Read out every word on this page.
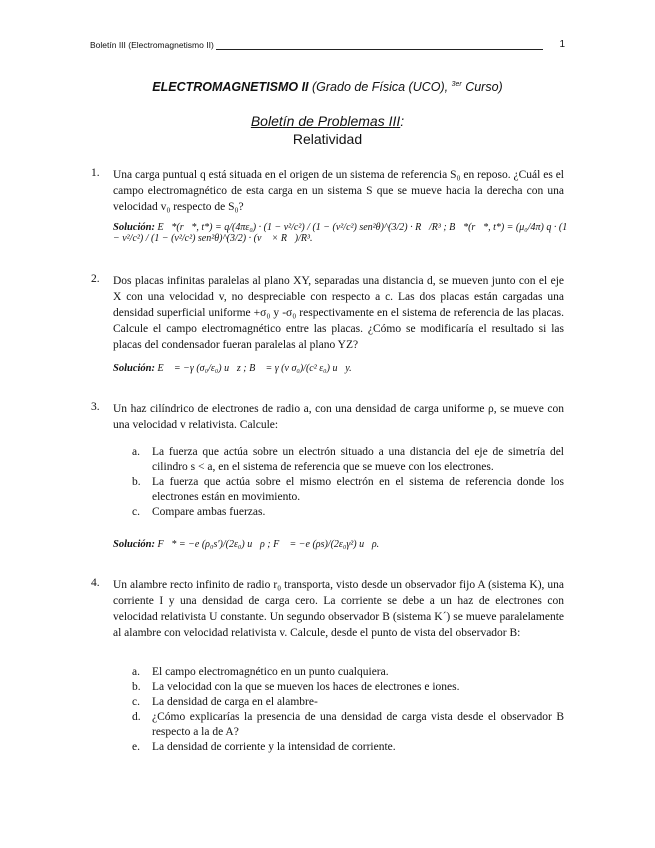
Boletín III (Electromagnetismo II)	1
ELECTROMAGNETISMO II (Grado de Física (UCO), $^{3er}$ Curso)
Boletín de Problemas III:
Relatividad
1. Una carga puntual q está situada en el origen de un sistema de referencia S₀ en reposo. ¿Cuál es el campo electromagnético de esta carga en un sistema S que se mueve hacia la derecha con una velocidad v₀ respecto de S₀?
Solución: E⃗*(r⃗*, t*) = q/(4πε₀) · (1 − v²/c²) / (1 − (v²/c²) sen²θ)^(3/2) · R⃗/R³ ; B⃗*(r⃗*, t*) = (μ₀/4π) q · (1 − v²/c²) / (1 − (v²/c²) sen²θ)^(3/2) · (v⃗ × R⃗)/R³.
2. Dos placas infinitas paralelas al plano XY, separadas una distancia d, se mueven junto con el eje X con una velocidad v, no despreciable con respecto a c. Las dos placas están cargadas una densidad superficial uniforme +σ₀ y -σ₀ respectivamente en el sistema de referencia de las placas. Calcule el campo electromagnético entre las placas. ¿Cómo se modificaría el resultado si las placas del condensador fueran paralelas al plano YZ?
Solución: E⃗ = −γ (σ₀/ε₀) u⃗z ; B⃗ = γ (v σ₀)/(c² ε₀) u⃗y.
3. Un haz cilíndrico de electrones de radio a, con una densidad de carga uniforme ρ, se mueve con una velocidad v relativista. Calcule:
a. La fuerza que actúa sobre un electrón situado a una distancia del eje de simetría del cilindro s < a, en el sistema de referencia que se mueve con los electrones.
b. La fuerza que actúa sobre el mismo electrón en el sistema de referencia donde los electrones están en movimiento.
c. Compare ambas fuerzas.
Solución: F⃗* = −e (ρ₀s′)/(2ε₀) u⃗ρ ; F⃗ = −e (ρs)/(2ε₀γ²) u⃗ρ.
4. Un alambre recto infinito de radio r₀ transporta, visto desde un observador fijo A (sistema K), una corriente I y una densidad de carga cero. La corriente se debe a un haz de electrones con velocidad relativista U constante. Un segundo observador B (sistema K´) se mueve paralelamente al alambre con velocidad relativista v. Calcule, desde el punto de vista del observador B:
a. El campo electromagnético en un punto cualquiera.
b. La velocidad con la que se mueven los haces de electrones e iones.
c. La densidad de carga en el alambre-
d. ¿Cómo explicarías la presencia de una densidad de carga vista desde el observador B respecto a la de A?
e. La densidad de corriente y la intensidad de corriente.
